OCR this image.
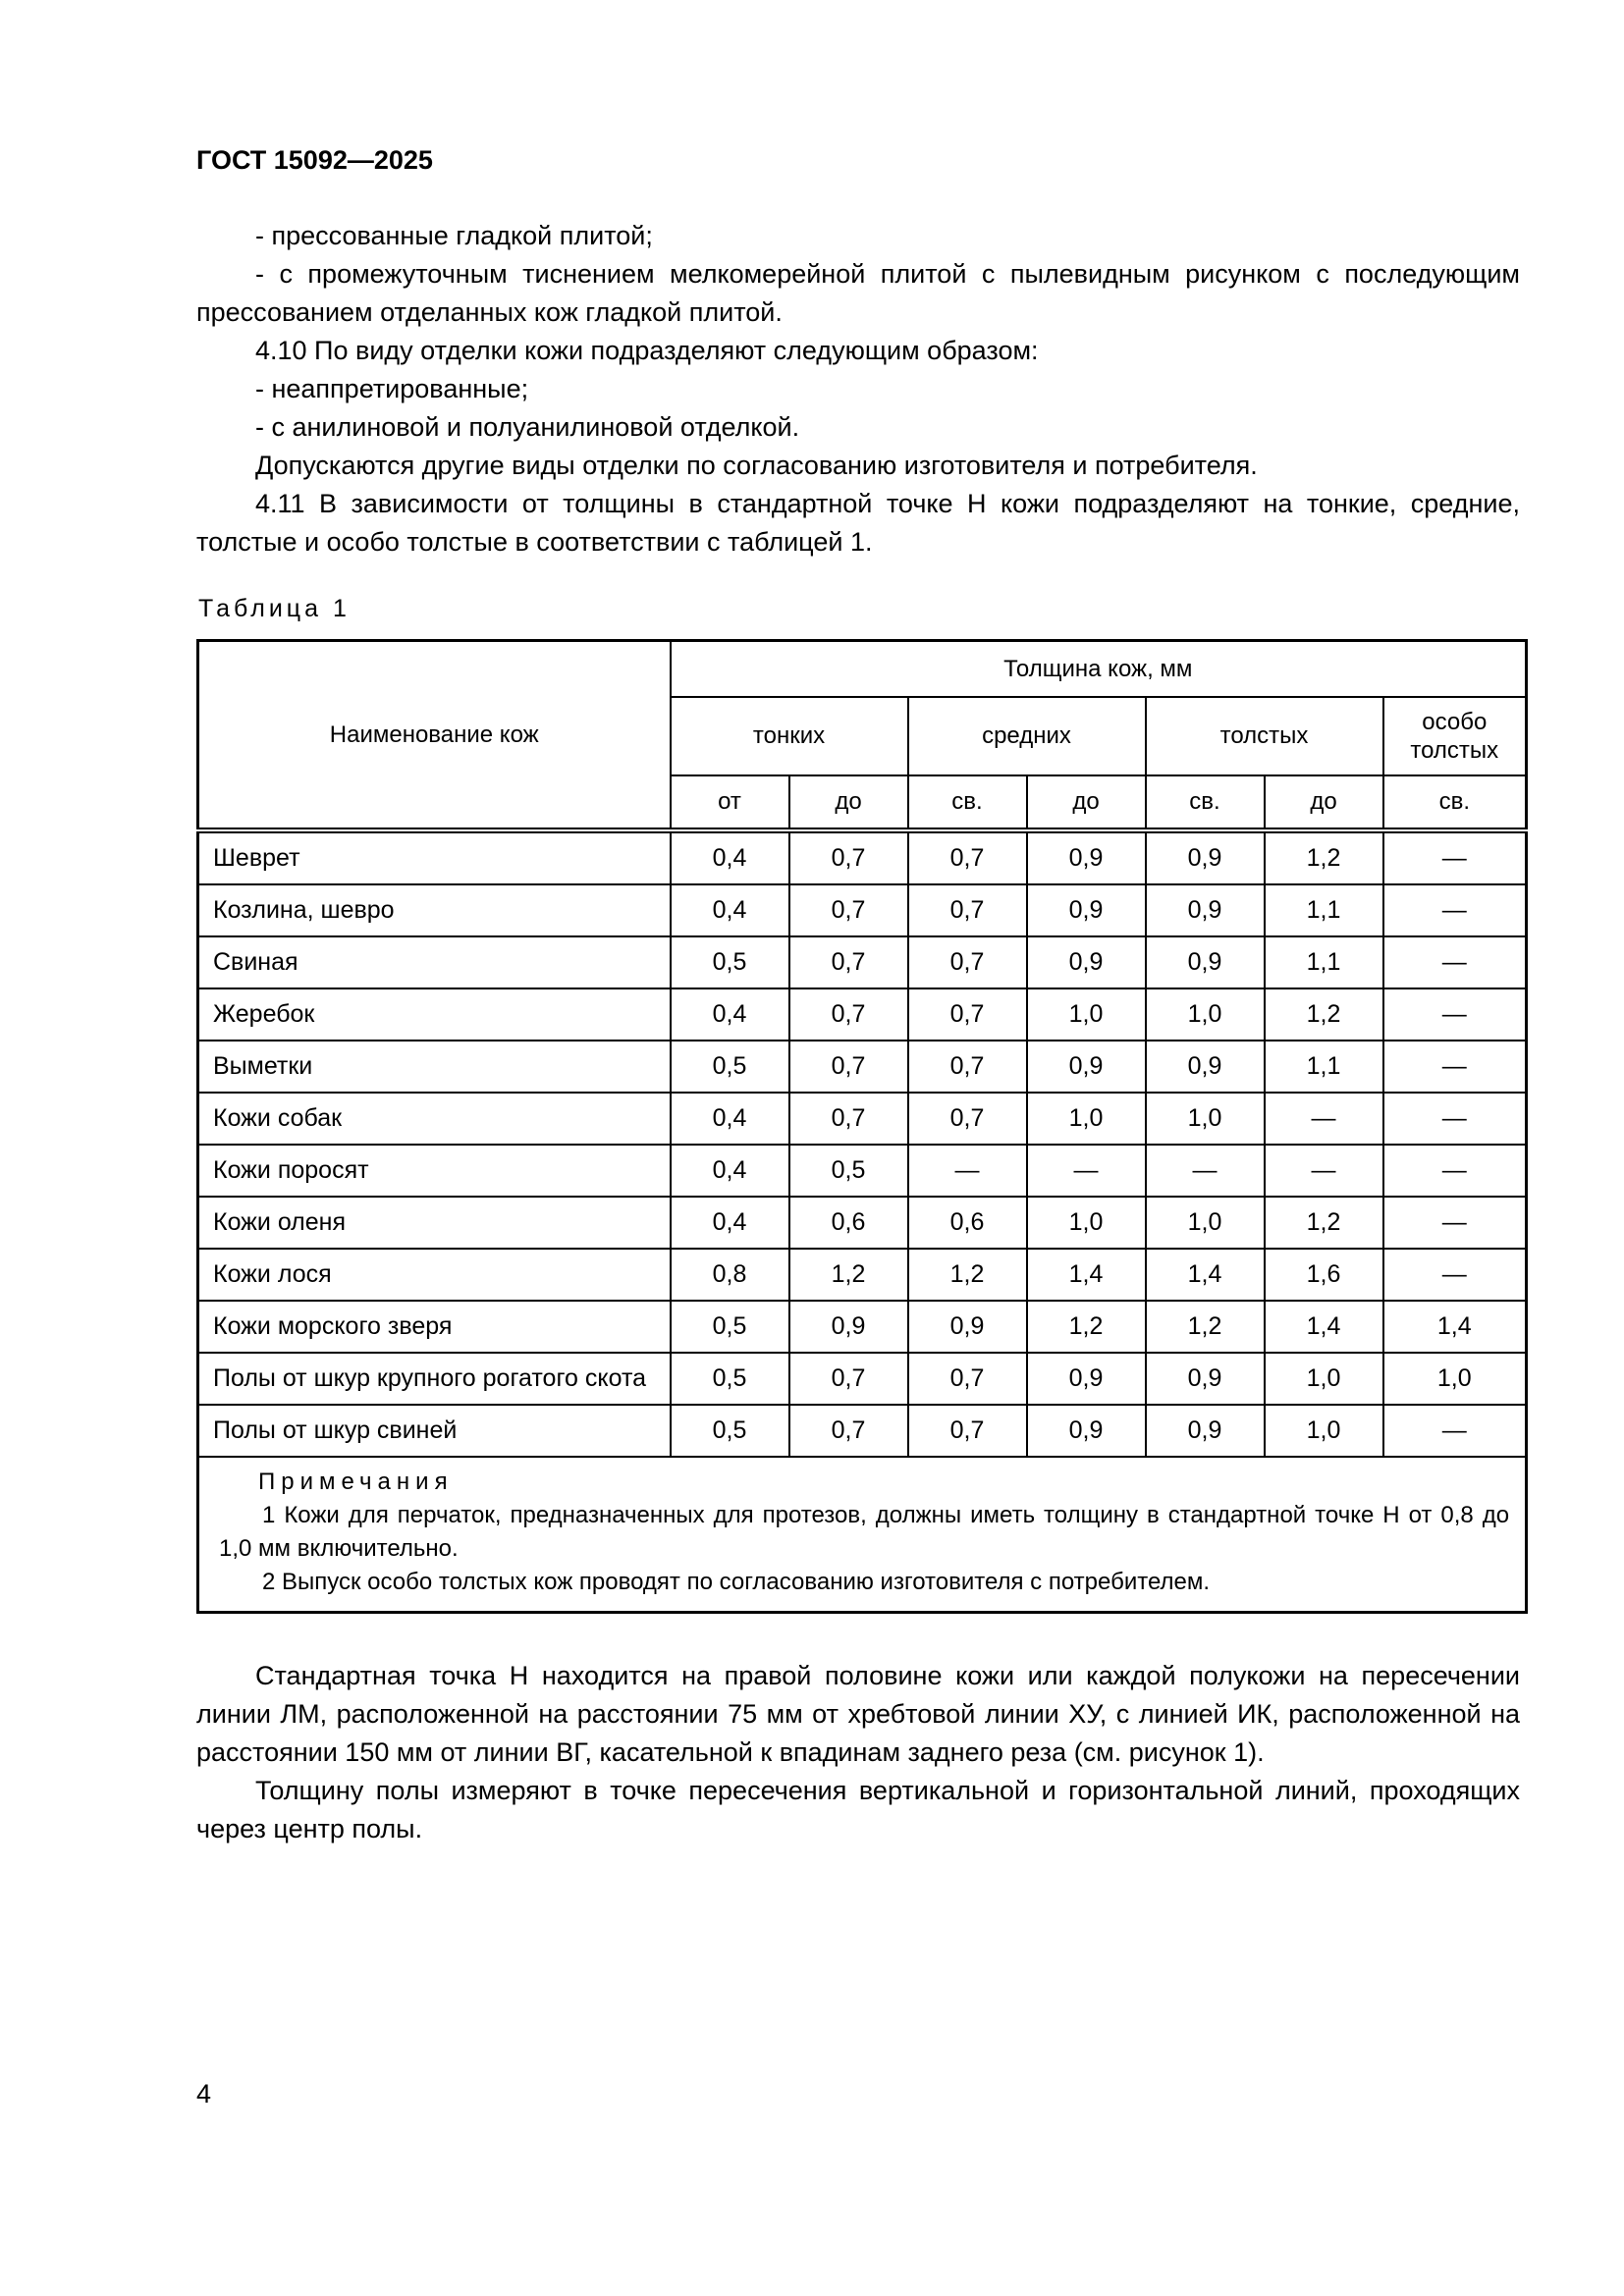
ГОСТ 15092—2025

- прессованные гладкой плитой;

- с промежуточным тиснением мелкомерейной плитой с пылевидным рисунком с последующим прессованием отделанных кож гладкой плитой.

4.10 По виду отделки кожи подразделяют следующим образом:

- неаппретированные;

- с анилиновой и полуанилиновой отделкой.

Допускаются другие виды отделки по согласованию изготовителя и потребителя.

4.11 В зависимости от толщины в стандартной точке Н кожи подразделяют на тонкие, средние, толстые и особо толстые в соответствии с таблицей 1.

Таблица 1
Наименование кож	Толщина кож, мм						
	тонких		средних		толстых		особо толстых
	от	до	св.	до	св.	до	св.
Шеврет	0,4	0,7	0,7	0,9	0,9	1,2	—
Козлина, шевро	0,4	0,7	0,7	0,9	0,9	1,1	—
Свиная	0,5	0,7	0,7	0,9	0,9	1,1	—
Жеребок	0,4	0,7	0,7	1,0	1,0	1,2	—
Выметки	0,5	0,7	0,7	0,9	0,9	1,1	—
Кожи собак	0,4	0,7	0,7	1,0	1,0	—	—
Кожи поросят	0,4	0,5	—	—	—	—	—
Кожи оленя	0,4	0,6	0,6	1,0	1,0	1,2	—
Кожи лося	0,8	1,2	1,2	1,4	1,4	1,6	—
Кожи морского зверя	0,5	0,9	0,9	1,2	1,2	1,4	1,4
Полы от шкур крупного рогатого скота	0,5	0,7	0,7	0,9	0,9	1,0	1,0
Полы от шкур свиней	0,5	0,7	0,7	0,9	0,9	1,0	—

Примечания

1 Кожи для перчаток, предназначенных для протезов, должны иметь толщину в стандартной точке Н от 0,8 до 1,0 мм включительно.

2 Выпуск особо толстых кож проводят по согласованию изготовителя с потребителем.							

Стандартная точка Н находится на правой половине кожи или каждой полукожи на пересечении линии ЛМ, расположенной на расстоянии 75 мм от хребтовой линии ХУ, с линией ИК, расположенной на расстоянии 150 мм от линии ВГ, касательной к впадинам заднего реза (см. рисунок 1).

Толщину полы измеряют в точке пересечения вертикальной и горизонтальной линий, проходящих через центр полы.

4
